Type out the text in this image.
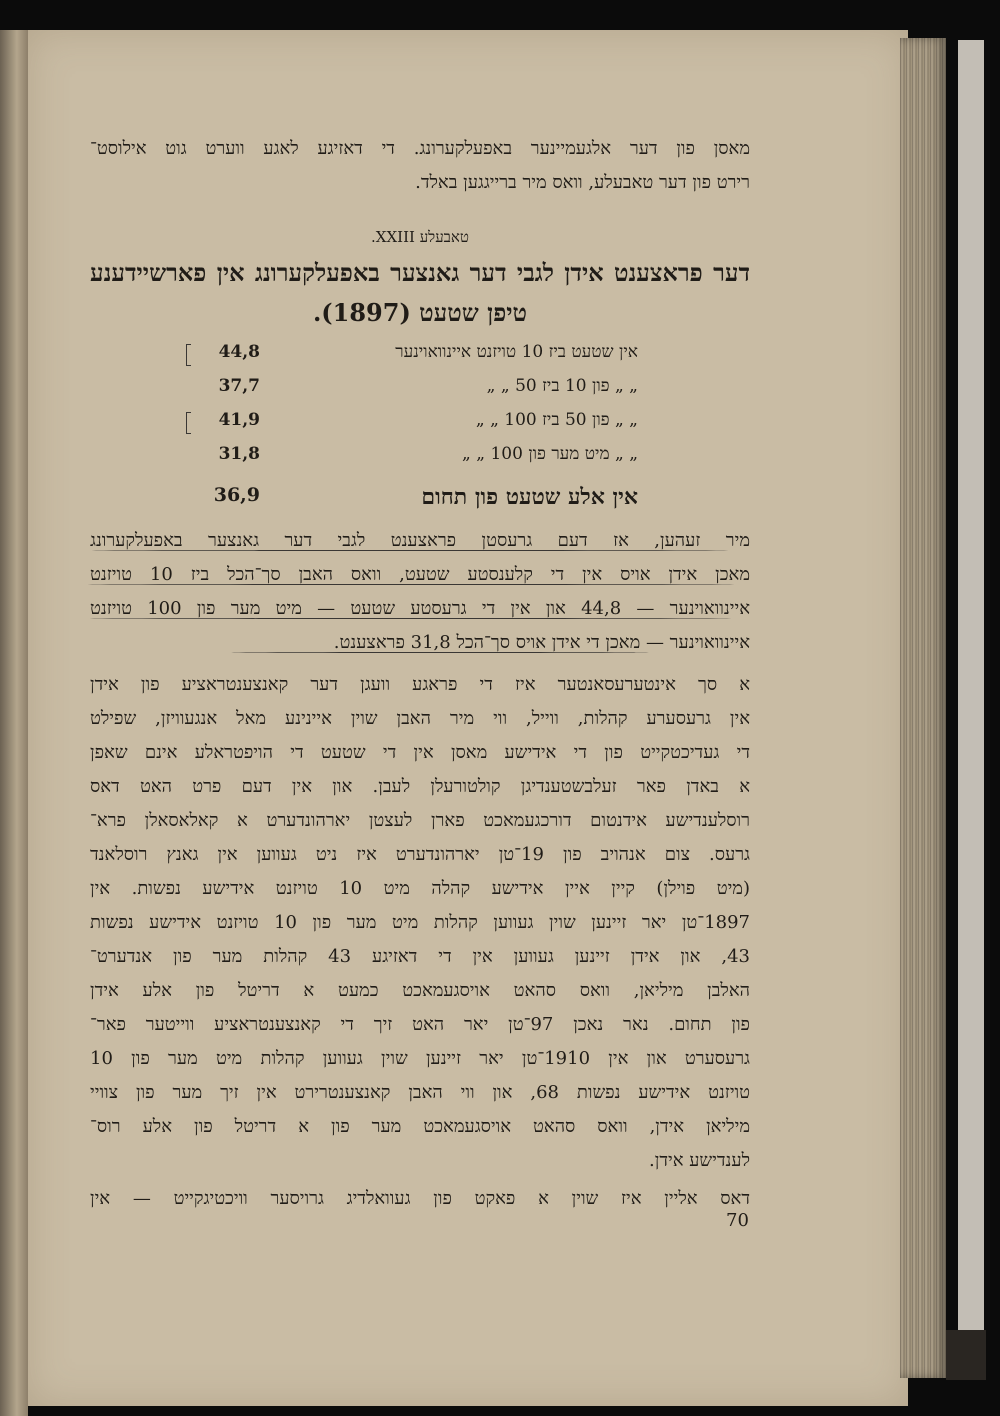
מאסן פון דער אלגעמיינער באפעלקערונג. די דאזיגע לאגע ווערט גוט אילוסט־
רירט פון דער טאבעלע, וואס מיר ברייגגען באלד.
טאבעלע XXIII.
דער פראצענט אידן לגבי דער גאנצער באפעלקערונג אין פארשיידענע
טיפן שטעט (1897).
אין שטעט ביז 10 טויזנט איינוואוינער
44,8
„ „ פון 10 ביז 50 „ „
37,7
„ „ פון 50 ביז 100 „ „
41,9
„ „ מיט מער פון 100 „ „
31,8
אין אלע שטעט פון תחום
36,9
מיר זעהען, אז דעם גרעסטן פראצענט לגבי דער גאנצער באפעלקערונג
מאכן אידן אויס אין די קלענסטע שטעט, וואס האבן סך־הכל ביז 10 טויזנט
איינוואוינער — 44,8 און אין די גרעסטע שטעט — מיט מער פון 100 טויזנט
איינוואוינער — מאכן די אידן אויס סך־הכל 31,8 פראצענט.
א סך אינטערעסאנטער איז די פראגע וועגן דער קאנצענטראציע פון אידן
אין גרעסערע קהלות, ווייל, ווי מיר האבן שוין איינינע מאל אנגעוויזן, שפילט
די געדיכטקייט פון די אידישע מאסן אין די שטעט די הויפטראלע אינם שאפן
א באדן פאר זעלבשטענדיגן קולטורעלן לעבן. און אין דעם פרט האט דאס
רוסלענדישע אידנטום דורכגעמאכט פארן לעצטן יארהונדערט א קאלאסאלן פרא־
גרעס. צום אנהויב פון 19־טן יארהונדערט איז ניט געווען אין גאנץ רוסלאנד
(מיט פוילן) קיין איין אידישע קהלה מיט 10 טויזנט אידישע נפשות. אין
1897־טן יאר זיינען שוין געווען קהלות מיט מער פון 10 טויזנט אידישע נפשות
43, און אידן זיינען געווען אין די דאזיגע 43 קהלות מער פון אנדערט־
האלבן מיליאן, וואס סהאט אויסגעמאכט כמעט א דריטל פון אלע אידן
פון תחום. נאר נאכן 97־טן יאר האט זיך די קאנצענטראציע ווייטער פאר־
גרעסערט און אין 1910־טן יאר זיינען שוין געווען קהלות מיט מער פון 10
טויזנט אידישע נפשות 68, און ווי האבן קאנצענטרירט אין זיך מער פון צוויי
מיליאן אידן, וואס סהאט אויסגעמאכט מער פון א דריטל פון אלע רוס־
לענדישע אידן.
דאס אליין איז שוין א פאקט פון געוואלדיג גרויסער וויכטיגקייט — אין
70
